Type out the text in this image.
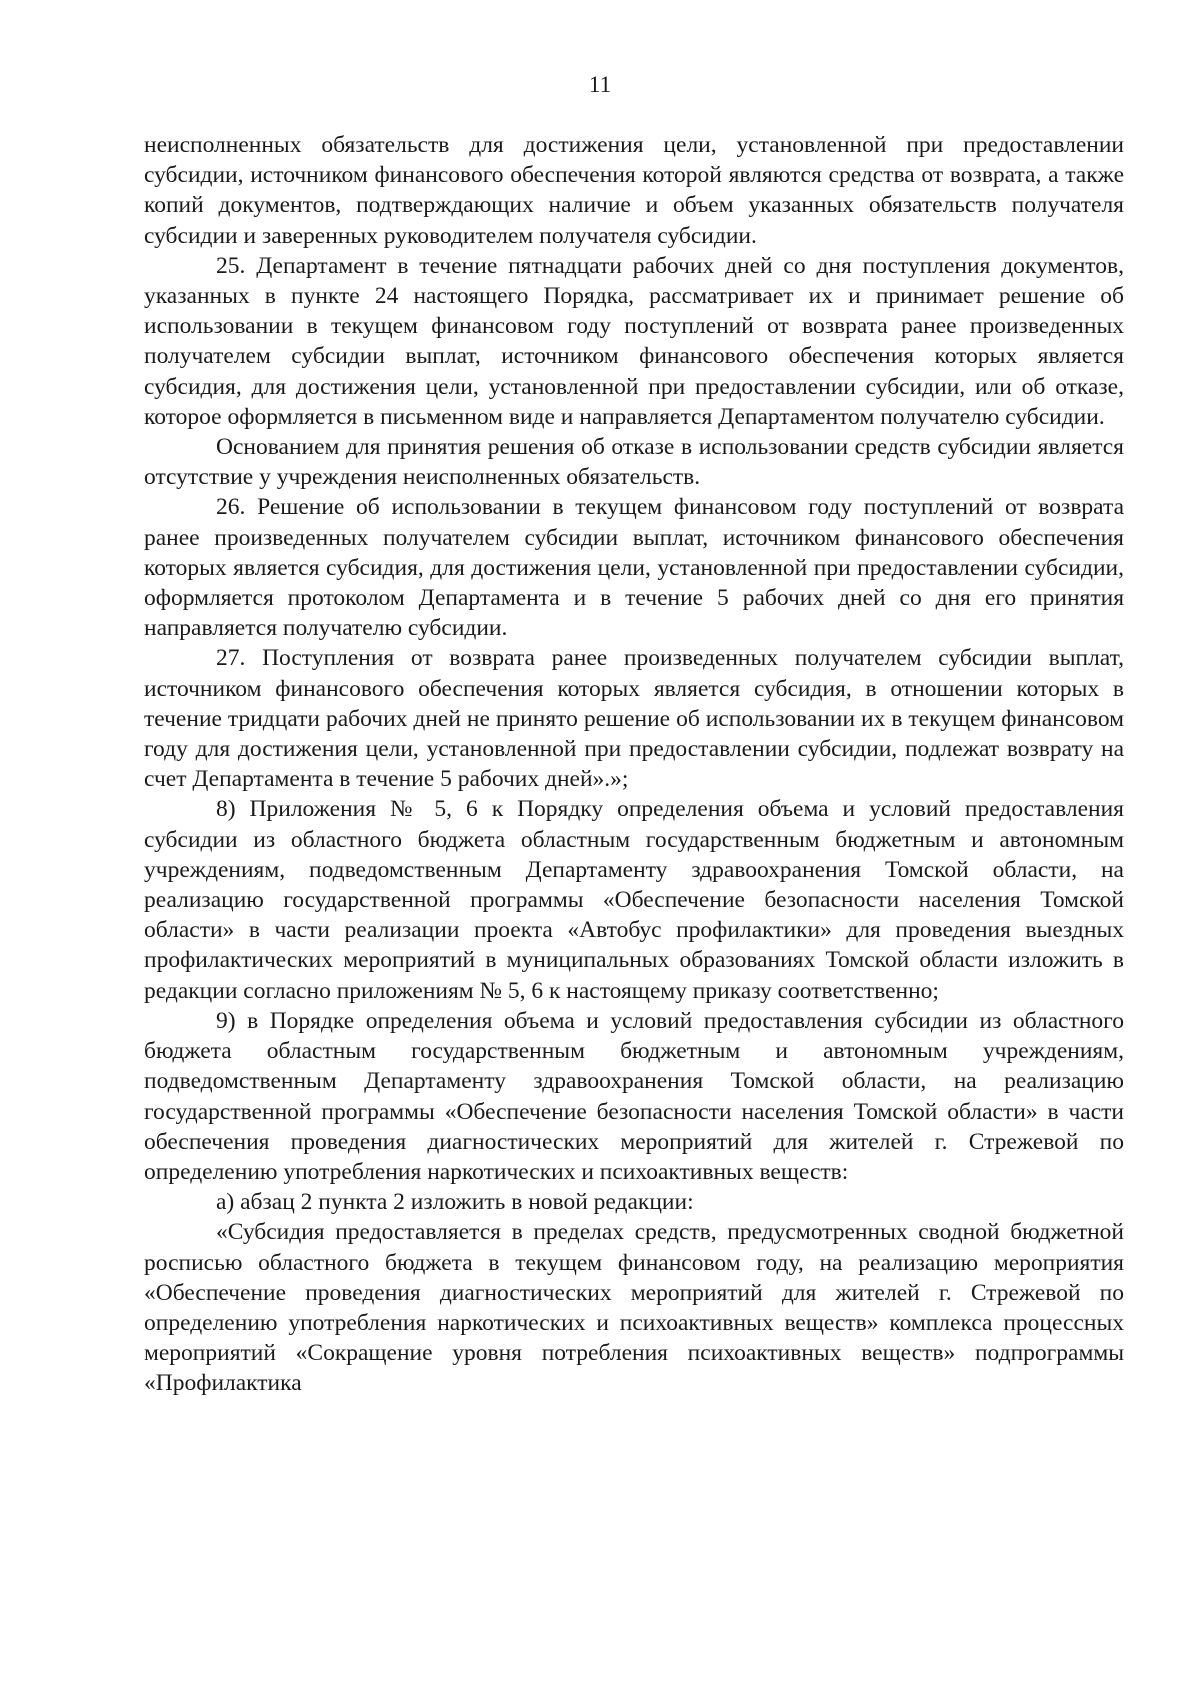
11

неисполненных обязательств для достижения цели, установленной при предоставлении субсидии, источником финансового обеспечения которой являются средства от возврата, а также копий документов, подтверждающих наличие и объем указанных обязательств получателя субсидии и заверенных руководителем получателя субсидии.

25. Департамент в течение пятнадцати рабочих дней со дня поступления документов, указанных в пункте 24 настоящего Порядка, рассматривает их и принимает решение об использовании в текущем финансовом году поступлений от возврата ранее произведенных получателем субсидии выплат, источником финансового обеспечения которых является субсидия, для достижения цели, установленной при предоставлении субсидии, или об отказе, которое оформляется в письменном виде и направляется Департаментом получателю субсидии.

Основанием для принятия решения об отказе в использовании средств субсидии является отсутствие у учреждения неисполненных обязательств.

26. Решение об использовании в текущем финансовом году поступлений от возврата ранее произведенных получателем субсидии выплат, источником финансового обеспечения которых является субсидия, для достижения цели, установленной при предоставлении субсидии, оформляется протоколом Департамента и в течение 5 рабочих дней со дня его принятия направляется получателю субсидии.

27. Поступления от возврата ранее произведенных получателем субсидии выплат, источником финансового обеспечения которых является субсидия, в отношении которых в течение тридцати рабочих дней не принято решение об использовании их в текущем финансовом году для достижения цели, установленной при предоставлении субсидии, подлежат возврату на счет Департамента в течение 5 рабочих дней».»;

8) Приложения № 5, 6 к Порядку определения объема и условий предоставления субсидии из областного бюджета областным государственным бюджетным и автономным учреждениям, подведомственным Департаменту здравоохранения Томской области, на реализацию государственной программы «Обеспечение безопасности населения Томской области» в части реализации проекта «Автобус профилактики» для проведения выездных профилактических мероприятий в муниципальных образованиях Томской области изложить в редакции согласно приложениям № 5, 6 к настоящему приказу соответственно;

9) в Порядке определения объема и условий предоставления субсидии из областного бюджета областным государственным бюджетным и автономным учреждениям, подведомственным Департаменту здравоохранения Томской области, на реализацию государственной программы «Обеспечение безопасности населения Томской области» в части обеспечения проведения диагностических мероприятий для жителей г. Стрежевой по определению употребления наркотических и психоактивных веществ:

а) абзац 2 пункта 2 изложить в новой редакции:

«Субсидия предоставляется в пределах средств, предусмотренных сводной бюджетной росписью областного бюджета в текущем финансовом году, на реализацию мероприятия «Обеспечение проведения диагностических мероприятий для жителей г. Стрежевой по определению употребления наркотических и психоактивных веществ» комплекса процессных мероприятий «Сокращение уровня потребления психоактивных веществ» подпрограммы «Профилактика
